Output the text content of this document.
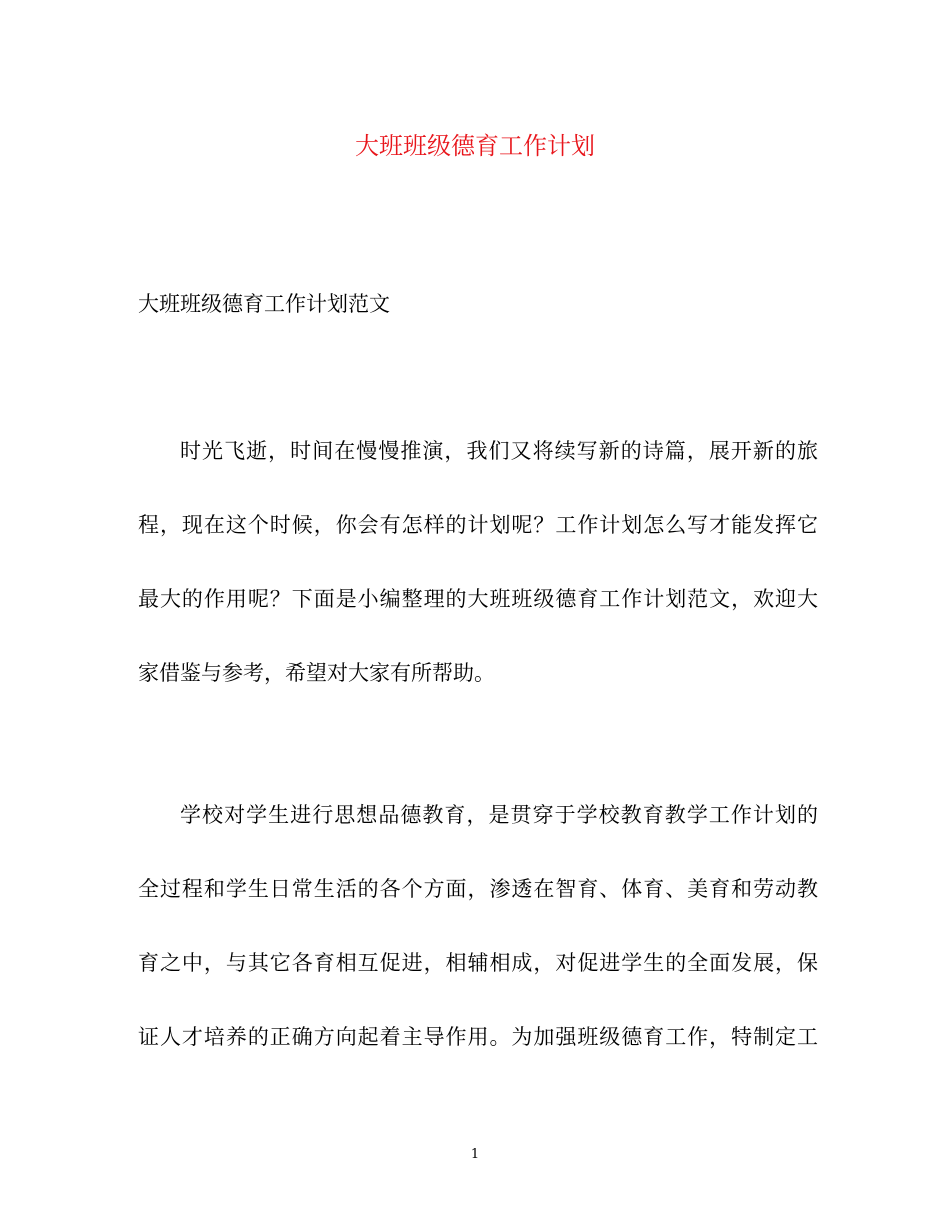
大班班级德育工作计划
大班班级德育工作计划范文
时光飞逝，时间在慢慢推演，我们又将续写新的诗篇，展开新的旅
程，现在这个时候，你会有怎样的计划呢？工作计划怎么写才能发挥它
最大的作用呢？下面是小编整理的大班班级德育工作计划范文，欢迎大
家借鉴与参考，希望对大家有所帮助。
学校对学生进行思想品德教育，是贯穿于学校教育教学工作计划的
全过程和学生日常生活的各个方面，渗透在智育、体育、美育和劳动教
育之中，与其它各育相互促进，相辅相成，对促进学生的全面发展，保
证人才培养的正确方向起着主导作用。为加强班级德育工作，特制定工
1
